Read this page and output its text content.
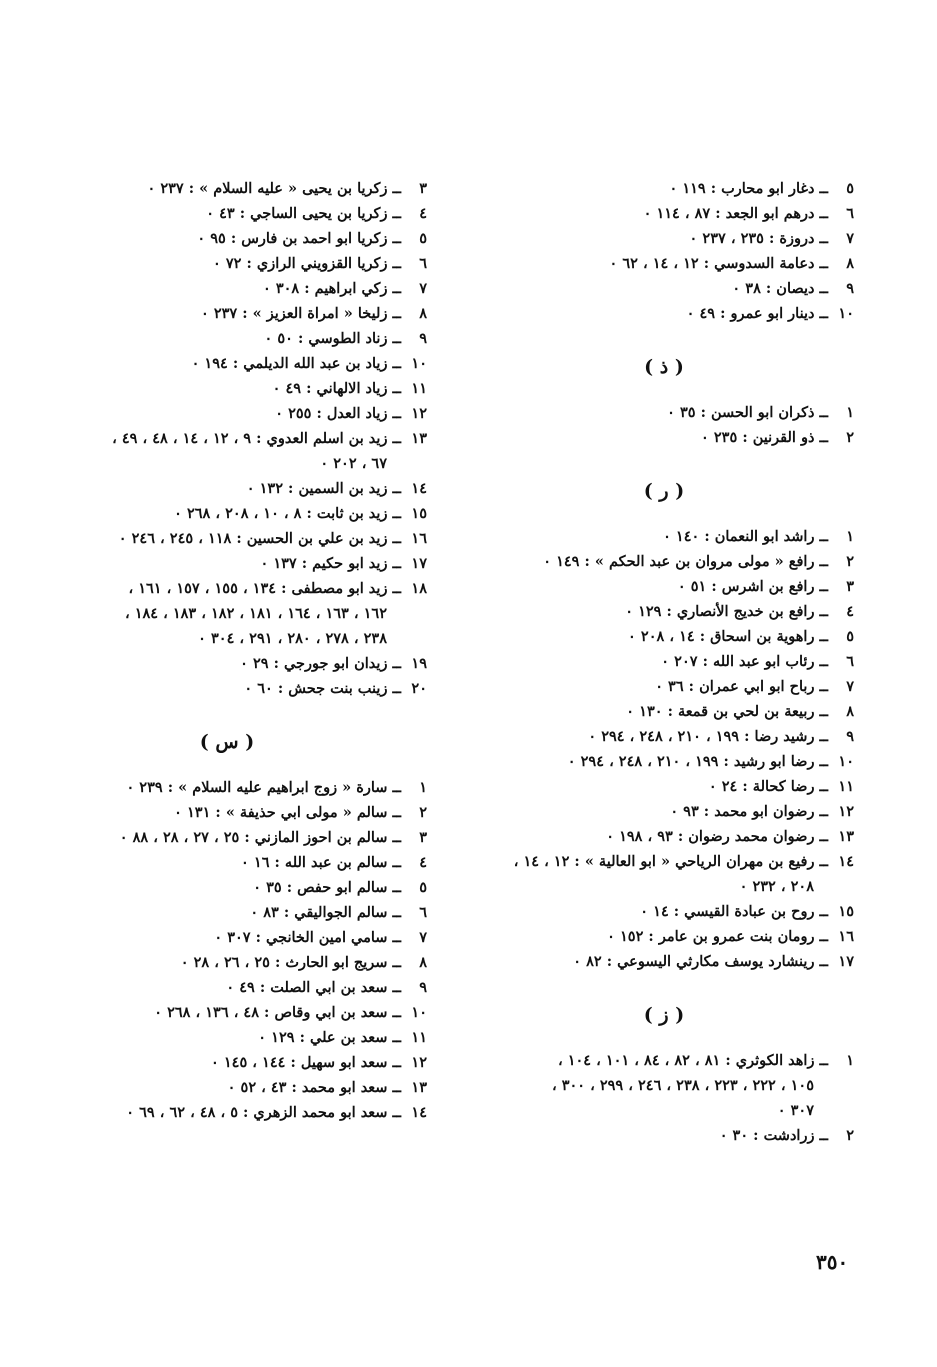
٥ــ دغار ابو محارب : ١١٩ ٠

٦ــ درهم ابو الجعد : ٨٧ ، ١١٤ ٠

٧ــ دروزة : ٢٣٥ ، ٢٣٧ ٠

٨ــ دعامة السدوسي : ١٢ ، ١٤ ، ٦٢ ٠

٩ــ ديصان : ٣٨ ٠

١٠ــ دينار ابو عمرو : ٤٩ ٠

( ذ )

١ــ ذكران ابو الحسن : ٣٥ ٠

٢ــ ذو القرنين : ٢٣٥ ٠

( ر )

١ــ راشد ابو النعمان : ١٤٠ ٠

٢ــ رافع « مولى مروان بن عبد الحكم » : ١٤٩ ٠

٣ــ رافع بن اشرس : ٥١ ٠

٤ــ رافع بن خديج الأنصاري : ١٢٩ ٠

٥ــ راهوية بن اسحاق : ١٤ ، ٢٠٨ ٠

٦ــ رئاب ابو عبد الله : ٢٠٧ ٠

٧ــ رباح ابو ابي عمران : ٣٦ ٠

٨ــ ربيعة بن لحي بن قمعة : ١٣٠ ٠

٩ــ رشيد رضا : ١٩٩ ، ٢١٠ ، ٢٤٨ ، ٢٩٤ ٠

١٠ــ رضا ابو رشيد : ١٩٩ ، ٢١٠ ، ٢٤٨ ، ٢٩٤ ٠

١١ــ رضا كحالة : ٢٤ ٠

١٢ــ رضوان ابو محمد : ٩٣ ٠

١٣ــ رضوان محمد رضوان : ٩٣ ، ١٩٨ ٠

١٤ــ رفيع بن مهران الرياحي « ابو العالية » : ١٢ ، ١٤ ،

٢٠٨ ، ٢٣٢ ٠

١٥ــ روح بن عبادة القيسي : ١٤ ٠

١٦ــ رومان بنت عمرو بن عامر : ١٥٢ ٠

١٧ــ رينشارد يوسف مكارثي اليسوعي : ٨٢ ٠

( ز )

١ــ زاهد الكوثري : ٨١ ، ٨٢ ، ٨٤ ، ١٠١ ، ١٠٤ ،

١٠٥ ، ٢٢٢ ، ٢٢٣ ، ٢٣٨ ، ٢٤٦ ، ٢٩٩ ، ٣٠٠ ،

٣٠٧ ٠

٢ــ زرادشت : ٣٠ ٠

٣ــ زكريا بن يحيى « عليه السلام » : ٢٣٧ ٠

٤ــ زكريا بن يحيى الساجي : ٤٣ ٠

٥ــ زكريا ابو احمد بن فارس : ٩٥ ٠

٦ــ زكريا القزويني الرازي : ٧٢ ٠

٧ــ زكي ابراهيم : ٣٠٨ ٠

٨ــ زليخا « امراة العزيز » : ٢٣٧ ٠

٩ــ زناد الطوسي : ٥٠ ٠

١٠ــ زياد بن عبد الله الديلمي : ١٩٤ ٠

١١ــ زياد الالهاني : ٤٩ ٠

١٢ــ زياد العدل : ٢٥٥ ٠

١٣ــ زيد بن اسلم العدوي : ٩ ، ١٢ ، ١٤ ، ٤٨ ، ٤٩ ،

٦٧ ، ٢٠٢ ٠

١٤ــ زيد بن السمين : ١٣٢ ٠

١٥ــ زيد بن ثابت : ٨ ، ١٠ ، ٢٠٨ ، ٢٦٨ ٠

١٦ــ زيد بن علي بن الحسين : ١١٨ ، ٢٤٥ ، ٢٤٦ ٠

١٧ــ زيد ابو حكيم : ١٣٧ ٠

١٨ــ زيد ابو مصطفى : ١٣٤ ، ١٥٥ ، ١٥٧ ، ١٦١ ،

١٦٢ ، ١٦٣ ، ١٦٤ ، ١٨١ ، ١٨٢ ، ١٨٣ ، ١٨٤ ،

٢٣٨ ، ٢٧٨ ، ٢٨٠ ، ٢٩١ ، ٣٠٤ ٠

١٩ــ زيدان ابو جورجي : ٢٩ ٠

٢٠ــ زينب بنت جحش : ٦٠ ٠

( س )

١ــ سارة « زوج ابراهيم عليه السلام » : ٢٣٩ ٠

٢ــ سالم « مولى ابي حذيفة » : ١٣١ ٠

٣ــ سالم بن احوز المازني : ٢٥ ، ٢٧ ، ٢٨ ، ٨٨ ٠

٤ــ سالم بن عبد الله : ١٦ ٠

٥ــ سالم ابو حفص : ٣٥ ٠

٦ــ سالم الجواليقي : ٨٣ ٠

٧ــ سامي امين الخانجي : ٣٠٧ ٠

٨ــ سريج ابو الحارث : ٢٥ ، ٢٦ ، ٢٨ ٠

٩ــ سعد بن ابي الصلت : ٤٩ ٠

١٠ــ سعد بن ابي وقاص : ٤٨ ، ١٣٦ ، ٢٦٨ ٠

١١ــ سعد بن علي : ١٢٩ ٠

١٢ــ سعد ابو سهيل : ١٤٤ ، ١٤٥ ٠

١٣ــ سعد ابو محمد : ٤٣ ، ٥٢ ٠

١٤ــ سعد ابو محمد الزهري : ٥ ، ٤٨ ، ٦٢ ، ٦٩ ٠

٣٥٠
